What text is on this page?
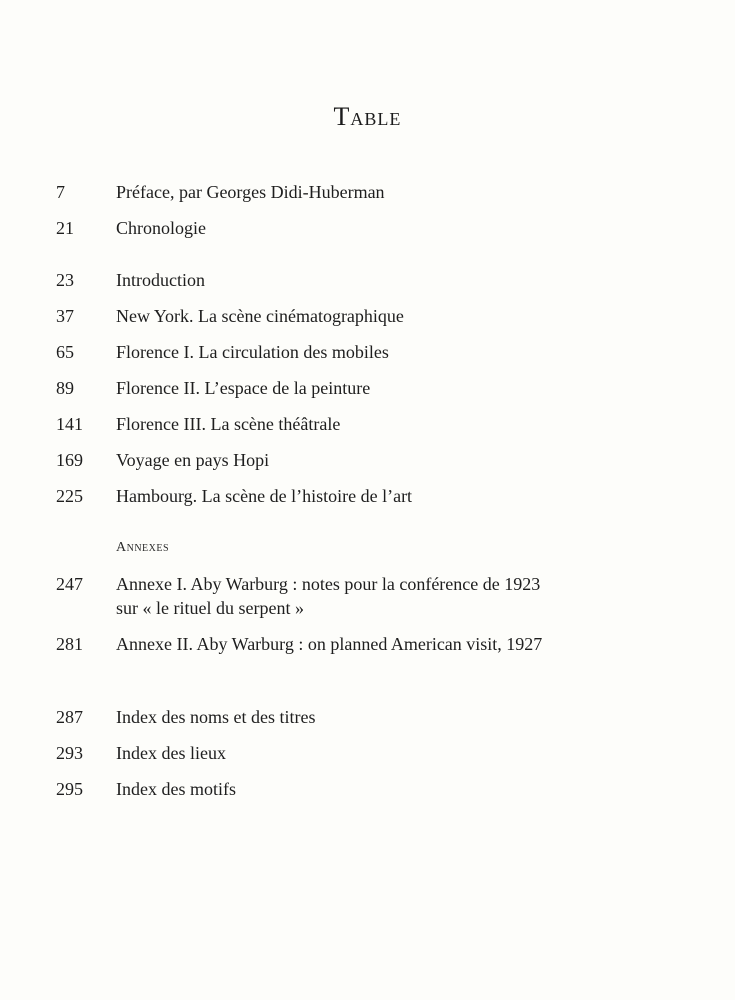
Table
7	Préface, par Georges Didi-Huberman
21	Chronologie
23	Introduction
37	New York. La scène cinématographique
65	Florence I. La circulation des mobiles
89	Florence II. L’espace de la peinture
141	Florence III. La scène théâtrale
169	Voyage en pays Hopi
225	Hambourg. La scène de l’histoire de l’art
Annexes
247	Annexe I. Aby Warburg : notes pour la conférence de 1923
sur « le rituel du serpent »
281	Annexe II. Aby Warburg : on planned American visit, 1927
287	Index des noms et des titres
293	Index des lieux
295	Index des motifs
